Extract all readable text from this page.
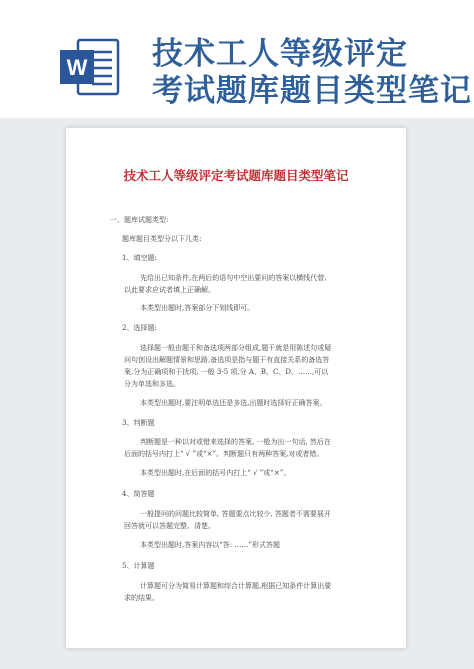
W 技术工人等级评定
考试题库题目类型笔记
技术工人等级评定考试题库题目类型笔记
一、题库试题类型:
题库题目类型分以下几类:
1、填空题:
先给出已知条件,在两后的语句中空出要问的答案以横线代替,
以此要求应试者填上正确解。
本类型出题时,答案部分下划线即可。
2、选择题:
选择题一般由题干和备选项两部分组成,题干就是用陈述句或疑
问句创设出解题情景和思路,备选项是指与题干有直接关系的备选答
案,分为正确项和干扰项, 一般 3-5 项,分 A、B、C、D、……,可以
分为单选和多选。
本类型出题时,要注明单选还是多选,出题时选择好正确答案。
3、判断题
判断题是一种以对或错来选择的答案, 一般为出一句话, 然后在
后面的括号内打上“ √ ”或“×”。判断题只有两种答案,对或者错。
本类型出题时,在后面的括号内打上“ √ ”或“×”。
4、简答题
一般提问的问题比较简单, 答题要点比较少, 答题者不需要展开
回答就可以答题完整、清楚。
本类型出题时,答案内容以“答: ……”形式答题
5、计算题
计算题可分为简易计算题和综合计算题,根据已知条件计算出要
求的结果。
